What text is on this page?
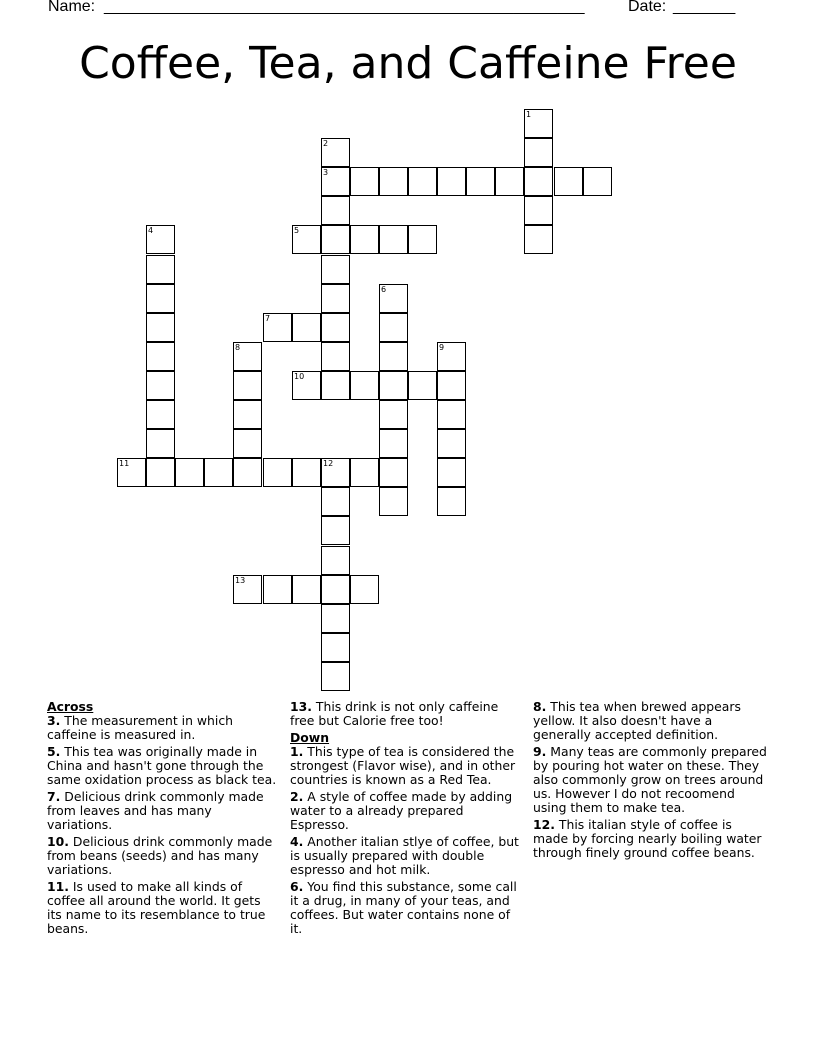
Name: ______________________________________________________	Date: _______
Coffee, Tea, and Caffeine Free
1
2
3
4	5
6
7
8	9
10
11	12
13

Across

3. The measurement in which caffeine is measured in.

5. This tea was originally made in China and hasn't gone through the same oxidation process as black tea.

7. Delicious drink commonly made from leaves and has many variations.

10. Delicious drink commonly made from beans (seeds) and has many variations.

11. Is used to make all kinds of coffee all around the world. It gets its name to its resemblance to true beans.

13. This drink is not only caffeine free but Calorie free too!

Down

1. This type of tea is considered the strongest (Flavor wise), and in other countries is known as a Red Tea.

2. A style of coffee made by adding water to a already prepared Espresso.

4. Another italian stlye of coffee, but is usually prepared with double espresso and hot milk.

6. You find this substance, some call it a drug, in many of your teas, and coffees. But water contains none of it.

8. This tea when brewed appears yellow. It also doesn't have a generally accepted definition.

9. Many teas are commonly prepared by pouring hot water on these. They also commonly grow on trees around us. However I do not recoomend using them to make tea.

12. This italian style of coffee is made by forcing nearly boiling water through finely ground coffee beans.
